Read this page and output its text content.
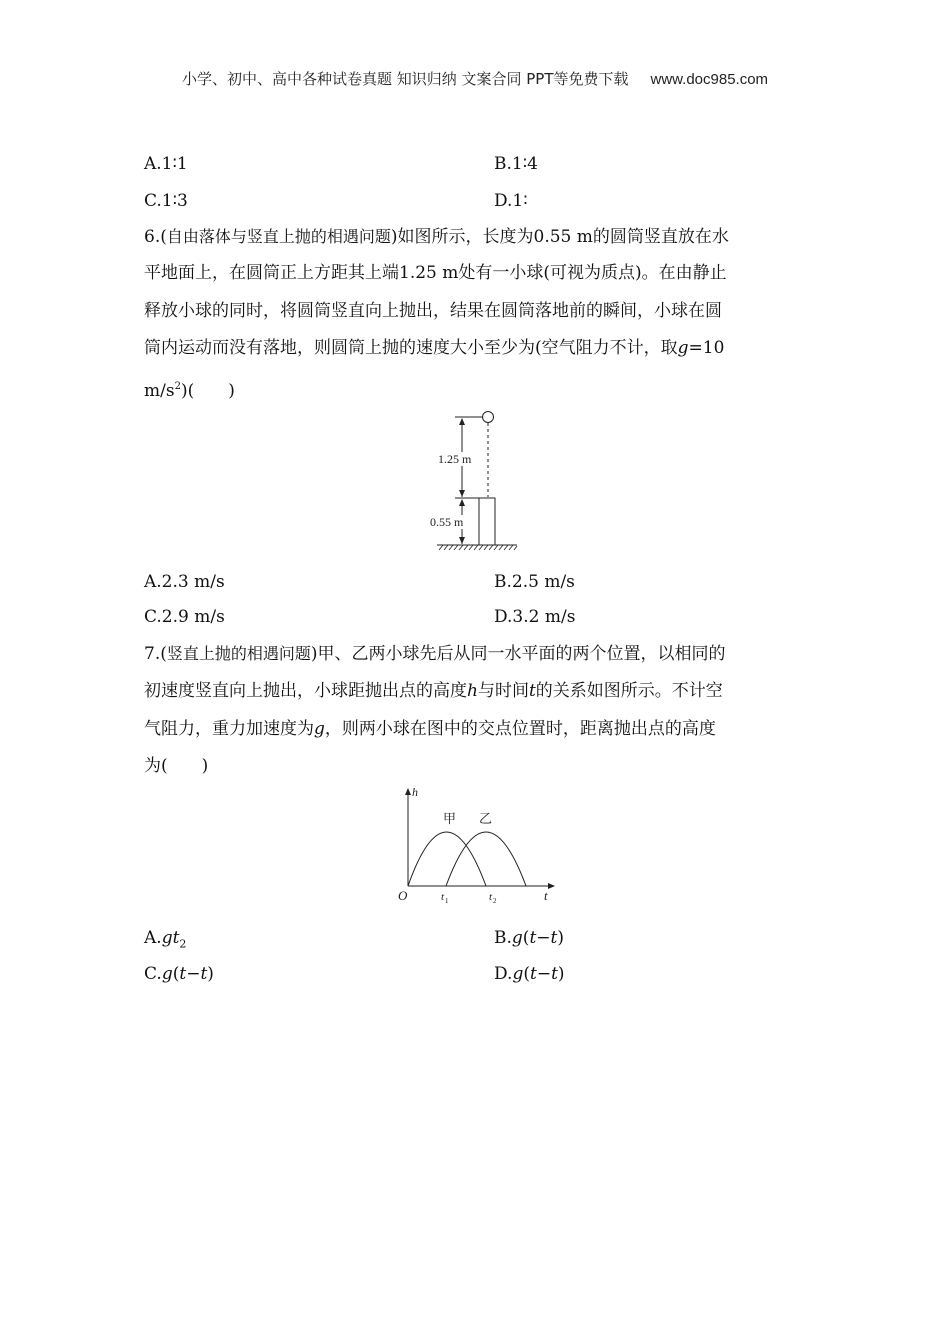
小学、初中、高中各种试卷真题 知识归纳 文案合同 PPT等免费下载 www.doc985.com
A.1∶1	B.1∶4
C.1∶3	D.1∶
6.(自由落体与竖直上抛的相遇问题)如图所示，长度为0.55 m的圆筒竖直放在水
平地面上，在圆筒正上方距其上端1.25 m处有一小球(可视为质点)。在由静止
释放小球的同时，将圆筒竖直向上抛出，结果在圆筒落地前的瞬间，小球在圆
筒内运动而没有落地，则圆筒上抛的速度大小至少为(空气阻力不计，取g=10
$m/s^2$)(　　)
1.25 m
0.55 m
A.2.3 m/s	B.2.5 m/s
C.2.9 m/s	D.3.2 m/s
7.(竖直上抛的相遇问题)甲、乙两小球先后从同一水平面的两个位置，以相同的
初速度竖直向上抛出，小球距抛出点的高度h与时间t的关系如图所示。不计空
气阻力，重力加速度为g，则两小球在图中的交点位置时，距离抛出点的高度
为(　　)
h
t
O
甲 乙
t 1	t 2
$A.gt_2$	B.g(t−t)
C.g(t−t)	D.g(t−t)
